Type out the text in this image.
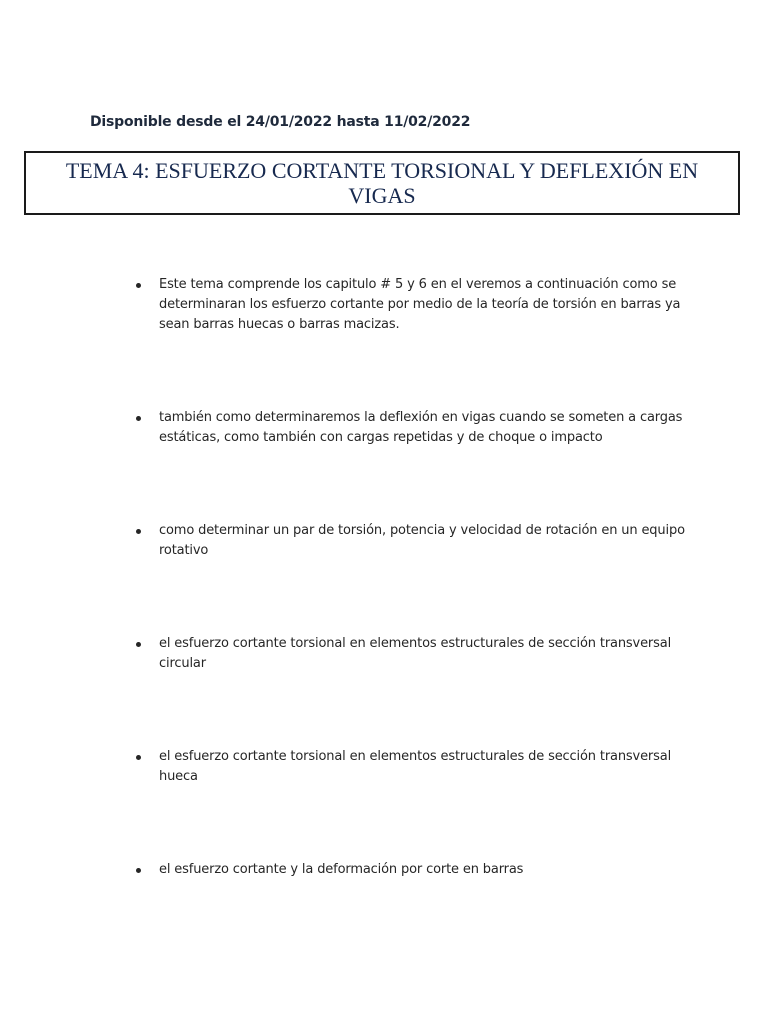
Disponible desde el 24/01/2022 hasta 11/02/2022
TEMA 4: ESFUERZO CORTANTE TORSIONAL Y DEFLEXIÓN EN VIGAS
Este tema comprende los capitulo # 5 y 6 en el veremos a continuación como se determinaran los esfuerzo cortante por medio de la teoría de torsión en barras ya sean barras huecas o barras macizas.
también como determinaremos la deflexión en vigas cuando se someten a cargas estáticas, como también con cargas repetidas y de choque o impacto
como determinar un par de torsión, potencia y velocidad de rotación en un equipo rotativo
el esfuerzo cortante torsional en elementos estructurales de sección transversal circular
el esfuerzo cortante torsional en elementos estructurales de sección transversal hueca
el esfuerzo cortante y la deformación por corte en barras
